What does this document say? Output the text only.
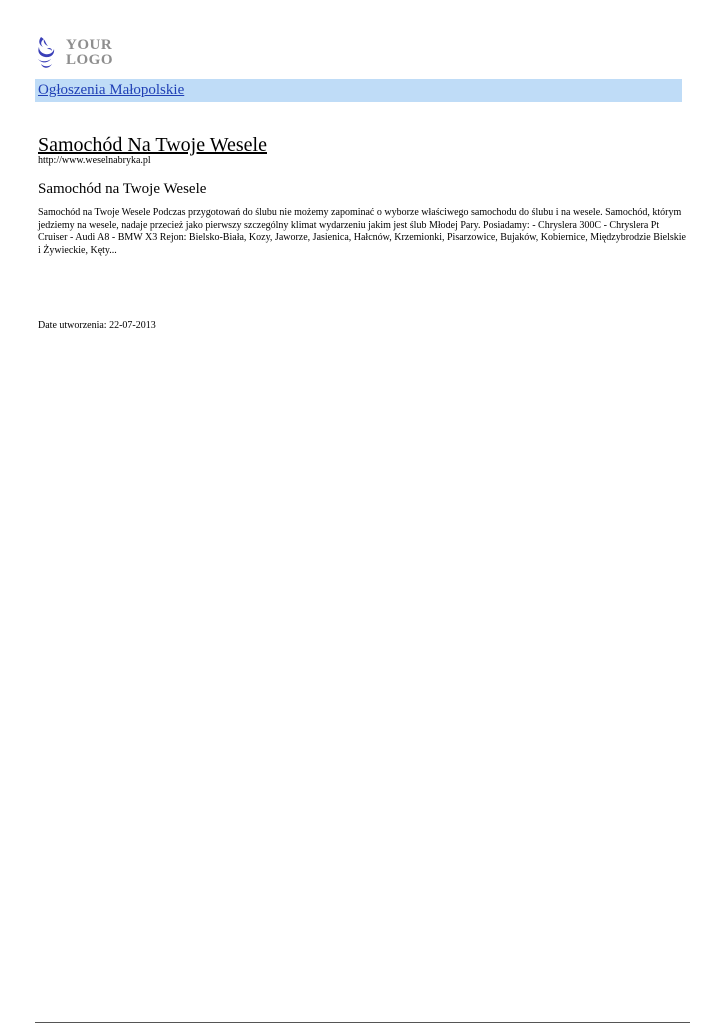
YOUR
LOGO
Ogłoszenia Małopolskie
Samochód Na Twoje Wesele
http://www.weselnabryka.pl
Samochód na Twoje Wesele

Samochód na Twoje Wesele Podczas przygotowań do ślubu nie możemy zapominać o wyborze właściwego samochodu do ślubu i na wesele. Samochód, którym jedziemy na wesele, nadaje przecież jako pierwszy szczególny klimat wydarzeniu jakim jest ślub Młodej Pary. Posiadamy: - Chryslera 300C - Chryslera Pt Cruiser - Audi A8 - BMW X3 Rejon: Bielsko-Biała, Kozy, Jaworze, Jasienica, Hałcnów, Krzemionki, Pisarzowice, Bujaków, Kobiernice, Międzybrodzie Bielskie i Żywieckie, Kęty...

Date utworzenia: 22-07-2013
